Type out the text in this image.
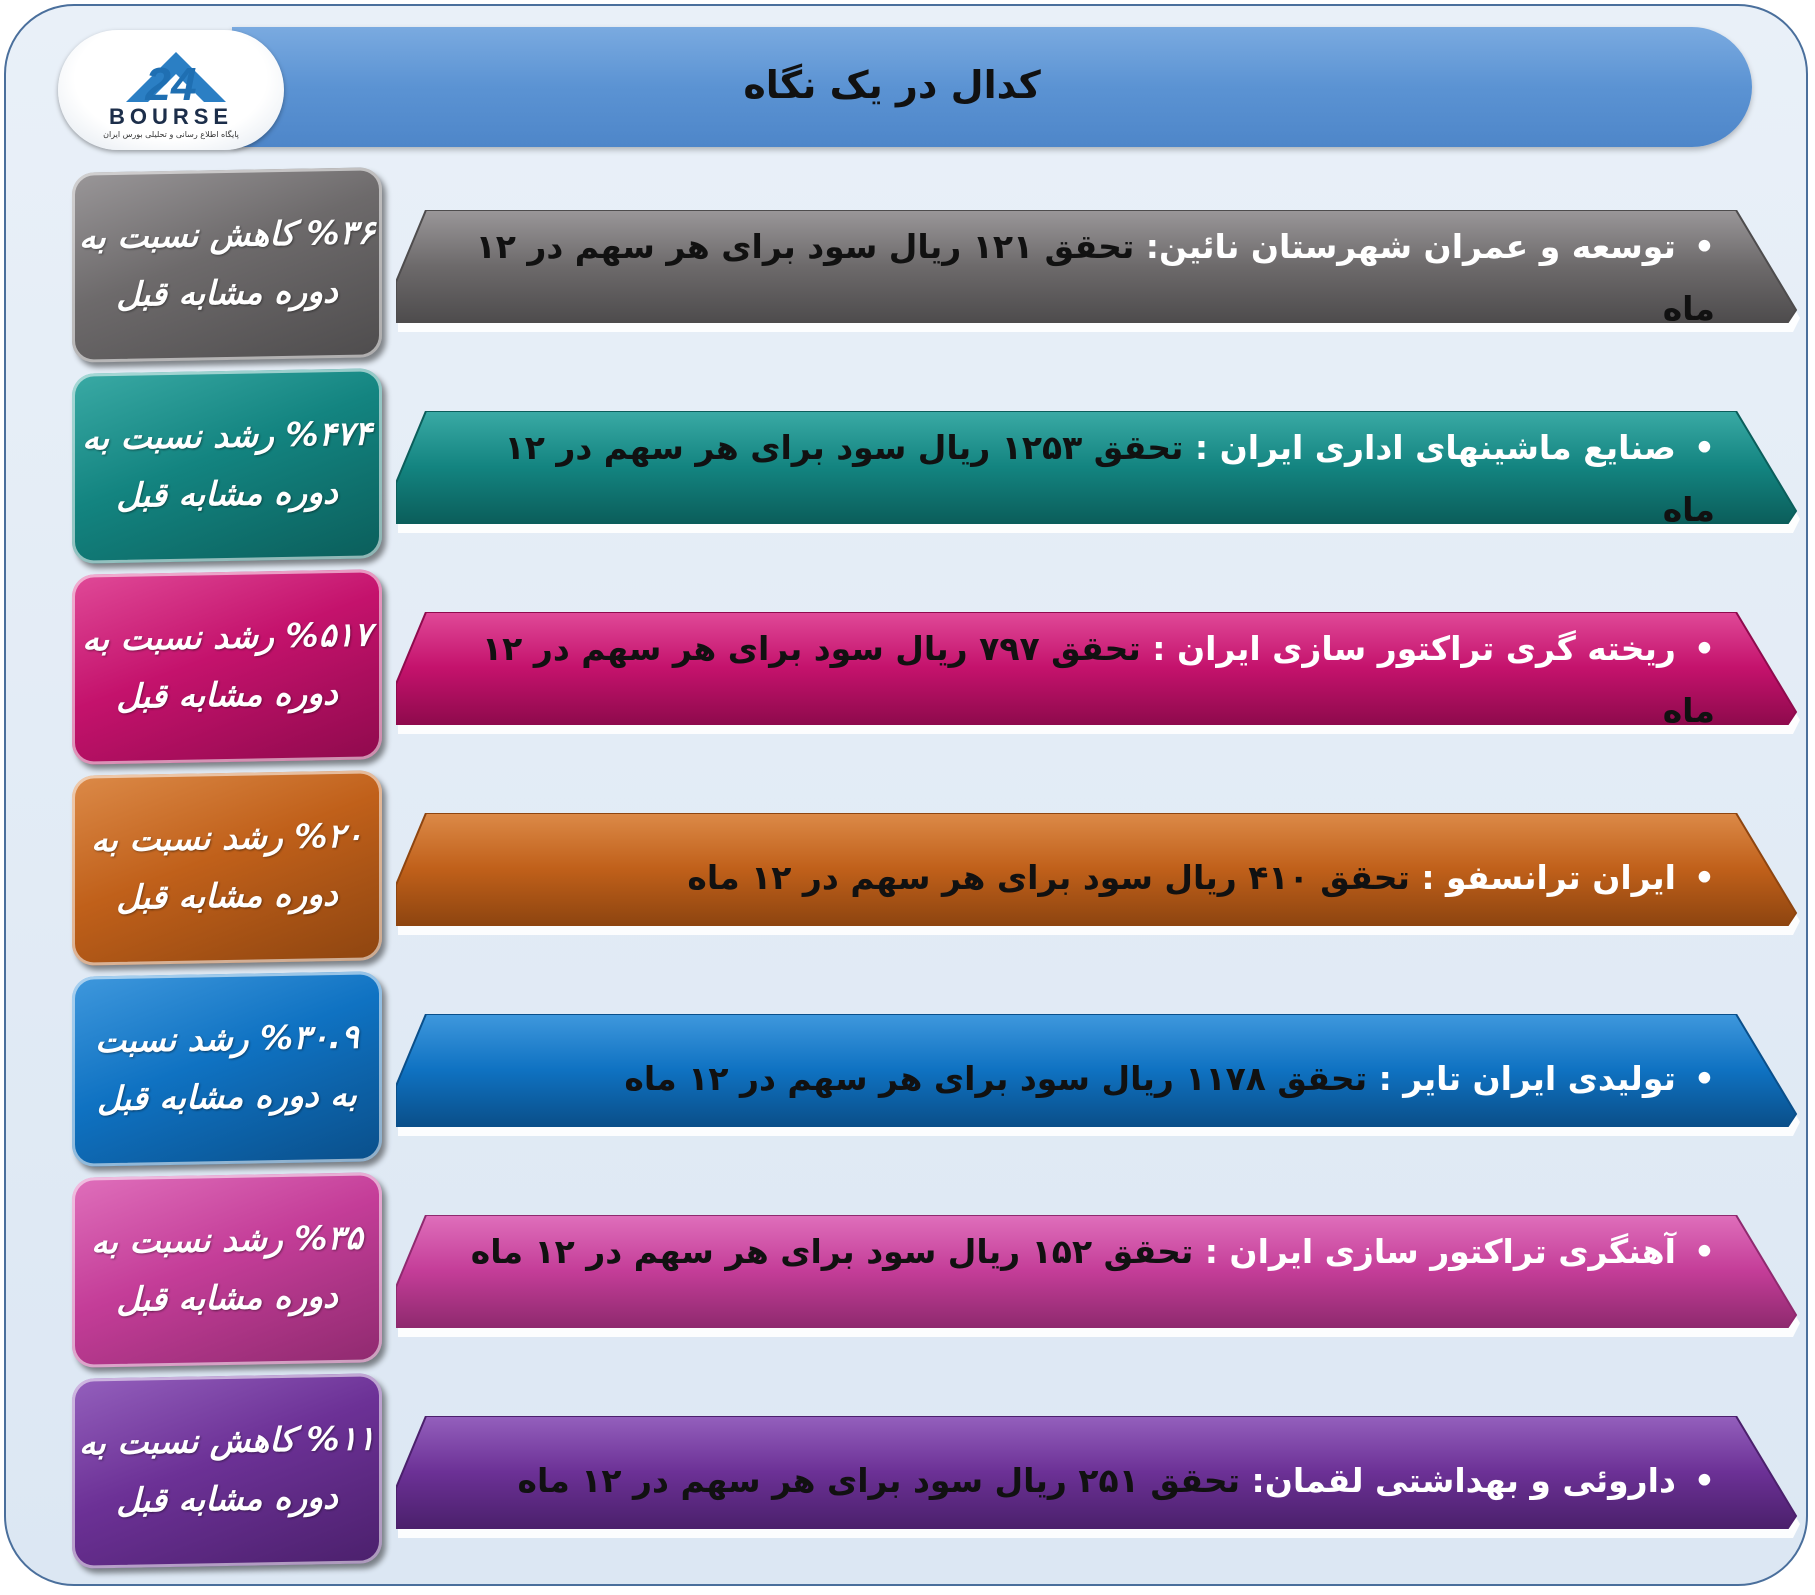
کدال در یک نگاه
24
BOURSE
پایگاه اطلاع رسانی و تحلیلی بورس ایران
•توسعه و عمران شهرستان نائین: تحقق ۱۲۱ ریال سود برای هر سهم در ۱۲ ماه
%۳۶ کاهش نسبت به دوره مشابه قبل
•صنایع ماشینهای اداری ایران : تحقق ۱۲۵۳ ریال سود برای هر سهم در ۱۲ ماه
%۴۷۴ رشد نسبت به دوره مشابه قبل
•ریخته گری تراکتور سازی ایران : تحقق ۷۹۷ ریال سود برای هر سهم در ۱۲ ماه
%۵۱۷ رشد نسبت به دوره مشابه قبل
•ایران ترانسفو : تحقق ۴۱۰ ریال سود برای هر سهم در ۱۲ ماه
%۲۰ رشد نسبت به دوره مشابه قبل
•تولیدی ایران تایر : تحقق ۱۱۷۸ ریال سود برای هر سهم در ۱۲ ماه
%۳۰.۹ رشد نسبت به دوره مشابه قبل
•آهنگری تراکتور سازی ایران : تحقق ۱۵۲ ریال سود برای هر سهم در ۱۲ ماه
%۳۵ رشد نسبت به دوره مشابه قبل
•داروئی و بهداشتی لقمان: تحقق ۲۵۱ ریال سود برای هر سهم در ۱۲ ماه
%۱۱ کاهش نسبت به دوره مشابه قبل
